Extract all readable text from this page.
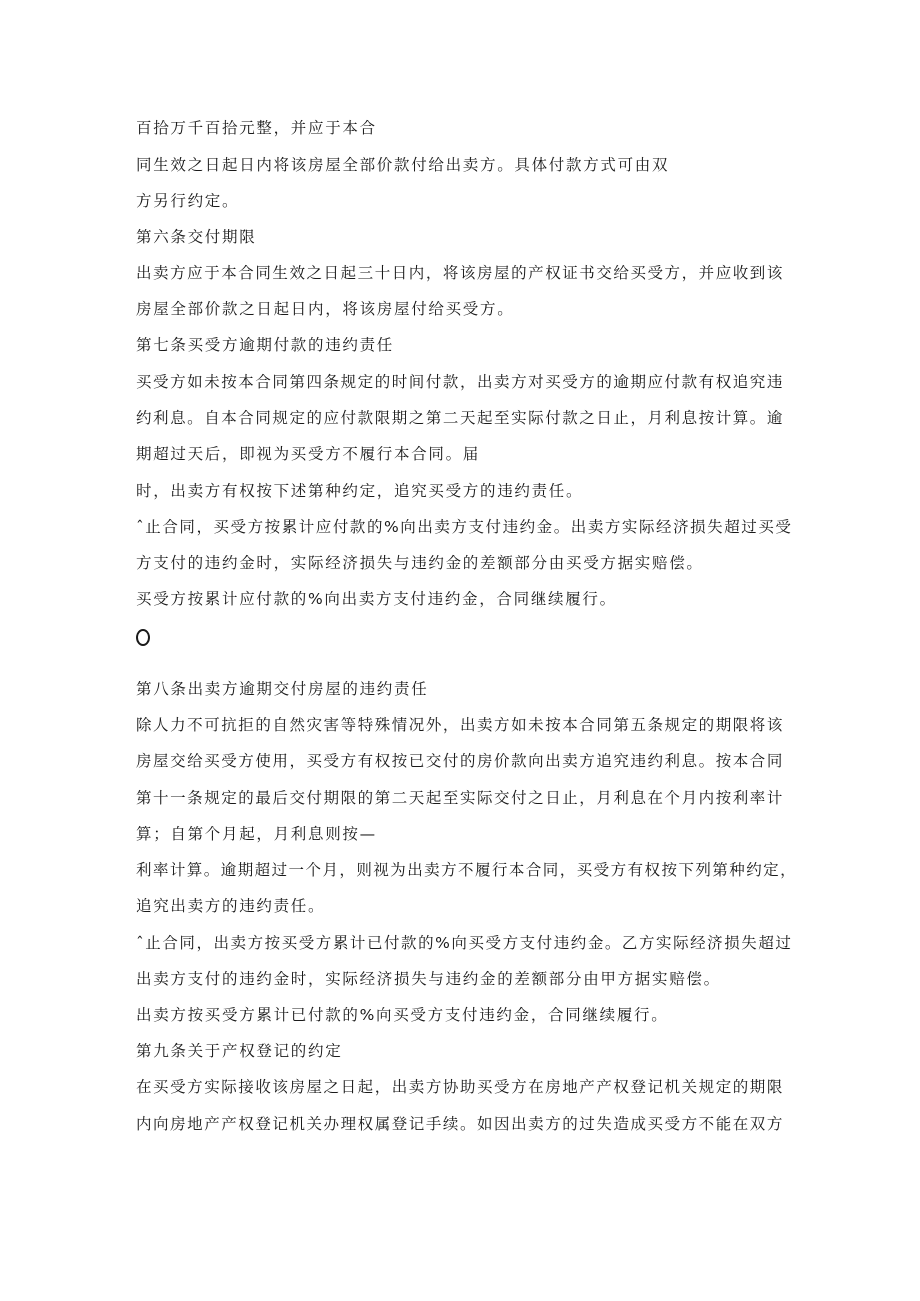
百拾万千百拾元整，并应于本合
同生效之日起日内将该房屋全部价款付给出卖方。具体付款方式可由双
方另行约定。
第六条交付期限
出卖方应于本合同生效之日起三十日内，将该房屋的产权证书交给买受方，并应收到该
房屋全部价款之日起日内，将该房屋付给买受方。
第七条买受方逾期付款的违约责任
买受方如未按本合同第四条规定的时间付款，出卖方对买受方的逾期应付款有权追究违
约利息。自本合同规定的应付款限期之第二天起至实际付款之日止，月利息按计算。逾
期超过天后，即视为买受方不履行本合同。届
时，出卖方有权按下述第种约定，追究买受方的违约责任。
ˆ止合同，买受方按累计应付款的%向出卖方支付违约金。出卖方实际经济损失超过买受
方支付的违约金时，实际经济损失与违约金的差额部分由买受方据实赔偿。
买受方按累计应付款的%向出卖方支付违约金，合同继续履行。
第八条出卖方逾期交付房屋的违约责任
除人力不可抗拒的自然灾害等特殊情况外，出卖方如未按本合同第五条规定的期限将该
房屋交给买受方使用，买受方有权按已交付的房价款向出卖方追究违约利息。按本合同
第十一条规定的最后交付期限的第二天起至实际交付之日止，月利息在个月内按利率计
算；自第个月起，月利息则按—
利率计算。逾期超过一个月，则视为出卖方不履行本合同，买受方有权按下列第种约定，
追究出卖方的违约责任。
ˆ止合同，出卖方按买受方累计已付款的%向买受方支付违约金。乙方实际经济损失超过
出卖方支付的违约金时，实际经济损失与违约金的差额部分由甲方据实赔偿。
出卖方按买受方累计已付款的%向买受方支付违约金，合同继续履行。
第九条关于产权登记的约定
在买受方实际接收该房屋之日起，出卖方协助买受方在房地产产权登记机关规定的期限
内向房地产产权登记机关办理权属登记手续。如因出卖方的过失造成买受方不能在双方
